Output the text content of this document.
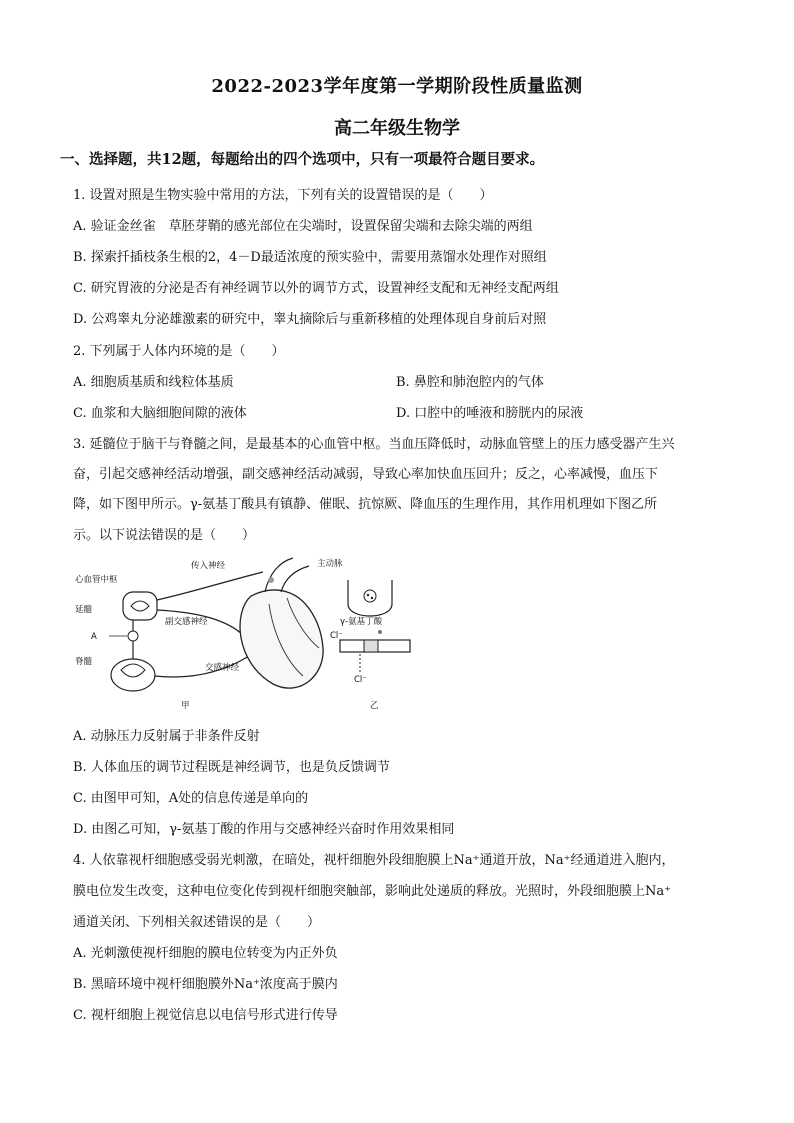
2022-2023学年度第一学期阶段性质量监测
高二年级生物学
一、选择题，共12题，每题给出的四个选项中，只有一项最符合题目要求。
1. 设置对照是生物实验中常用的方法，下列有关的设置错误的是（　　）
A. 验证金丝雀　草胚芽鞘的感光部位在尖端时，设置保留尖端和去除尖端的两组
B. 探索扦插枝条生根的2，4－D最适浓度的预实验中，需要用蒸馏水处理作对照组
C. 研究胃液的分泌是否有神经调节以外的调节方式，设置神经支配和无神经支配两组
D. 公鸡睾丸分泌雄激素的研究中，睾丸摘除后与重新移植的处理体现自身前后对照
2. 下列属于人体内环境的是（　　）
A. 细胞质基质和线粒体基质	B. 鼻腔和肺泡腔内的气体
C. 血浆和大脑细胞间隙的液体	D. 口腔中的唾液和膀胱内的尿液
3. 延髓位于脑干与脊髓之间，是最基本的心血管中枢。当血压降低时，动脉血管壁上的压力感受器产生兴
奋，引起交感神经活动增强，副交感神经活动减弱，导致心率加快血压回升；反之，心率减慢，血压下
降，如下图甲所示。γ-氨基丁酸具有镇静、催眠、抗惊厥、降血压的生理作用，其作用机理如下图乙所
示。以下说法错误的是（　　）
心血管中枢
传入神经	主动脉
延髓
副交感神经
A
脊髓
交感神经
甲
γ-氨基丁酸
Cl⁻
Cl⁻
乙
A. 动脉压力反射属于非条件反射
B. 人体血压的调节过程既是神经调节，也是负反馈调节
C. 由图甲可知，A处的信息传递是单向的
D. 由图乙可知，γ-氨基丁酸的作用与交感神经兴奋时作用效果相同
4. 人依靠视杆细胞感受弱光刺激，在暗处，视杆细胞外段细胞膜上Na⁺通道开放，Na⁺经通道进入胞内，
膜电位发生改变，这种电位变化传到视杆细胞突触部，影响此处递质的释放。光照时，外段细胞膜上Na⁺
通道关闭、下列相关叙述错误的是（　　）
A. 光刺激使视杆细胞的膜电位转变为内正外负
B. 黑暗环境中视杆细胞膜外Na⁺浓度高于膜内
C. 视杆细胞上视觉信息以电信号形式进行传导
